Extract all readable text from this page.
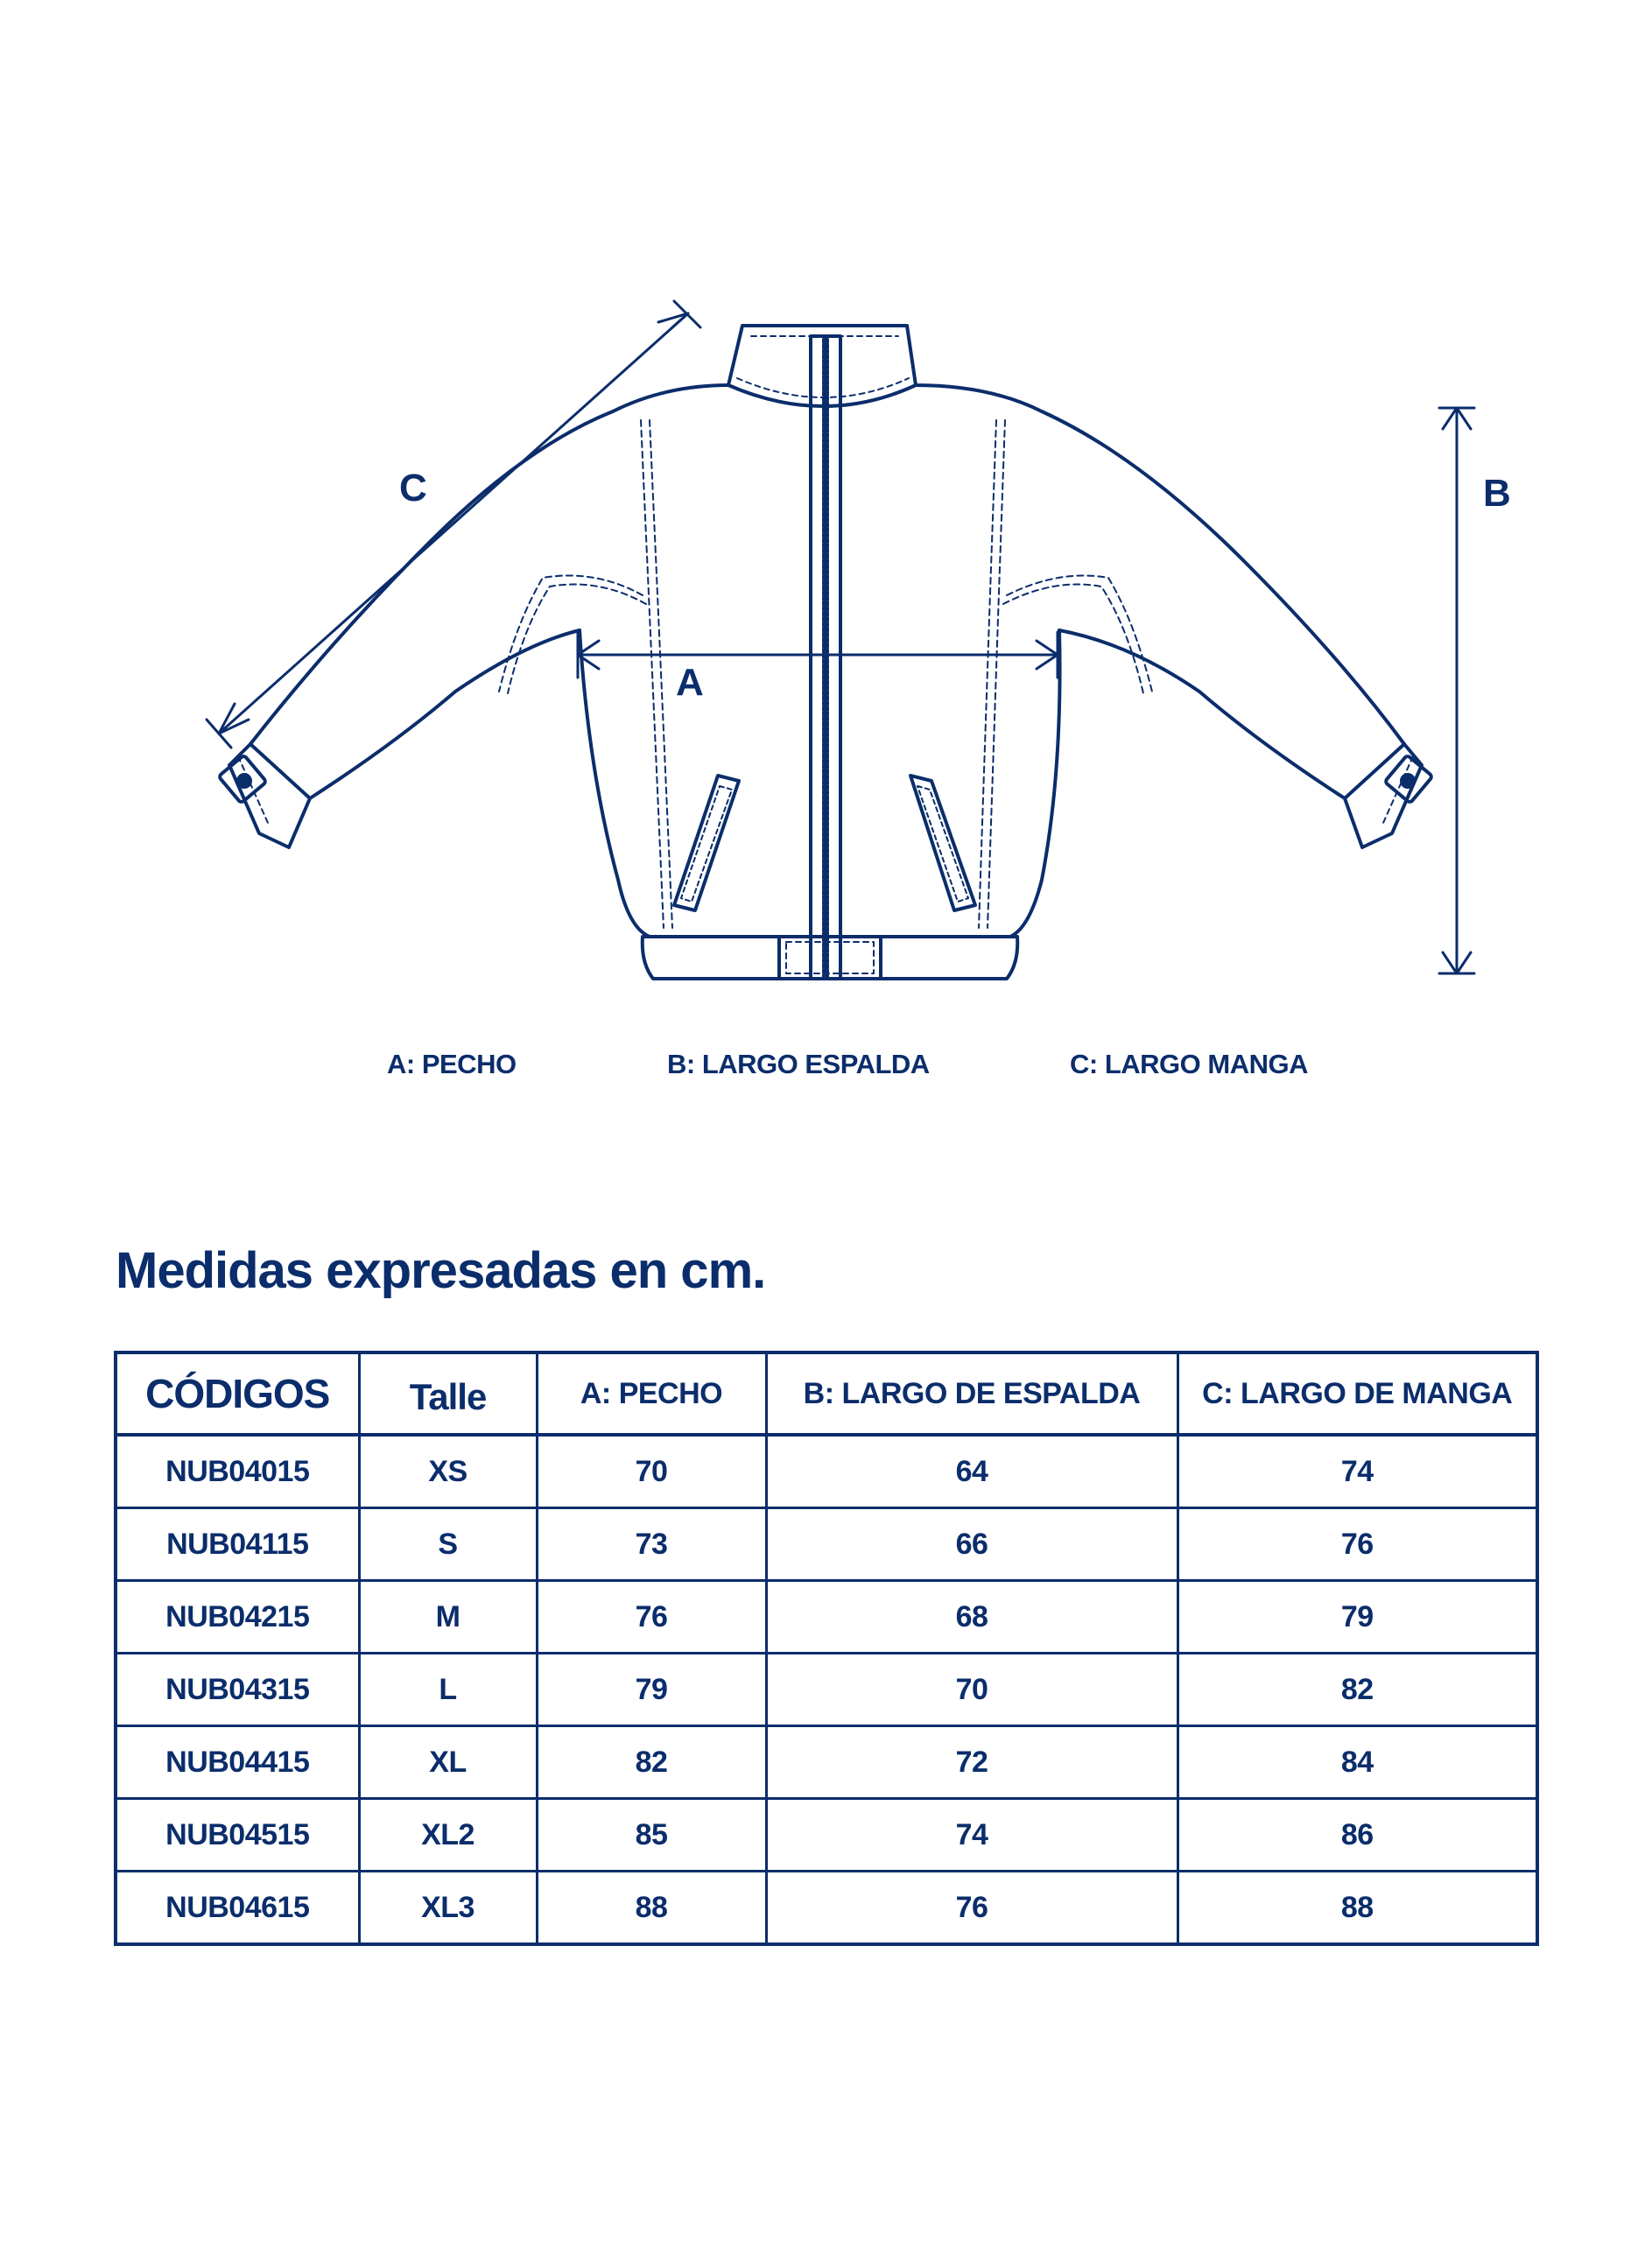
C
A
B
A: PECHO	B: LARGO ESPALDA	C: LARGO MANGA
Medidas expresadas en cm.
CÓDIGOS	Talle	A: PECHO	B: LARGO DE ESPALDA	C: LARGO DE MANGA
NUB04015	XS	70	64	74
NUB04115	S	73	66	76
NUB04215	M	76	68	79
NUB04315	L	79	70	82
NUB04415	XL	82	72	84
NUB04515	XL2	85	74	86
NUB04615	XL3	88	76	88
